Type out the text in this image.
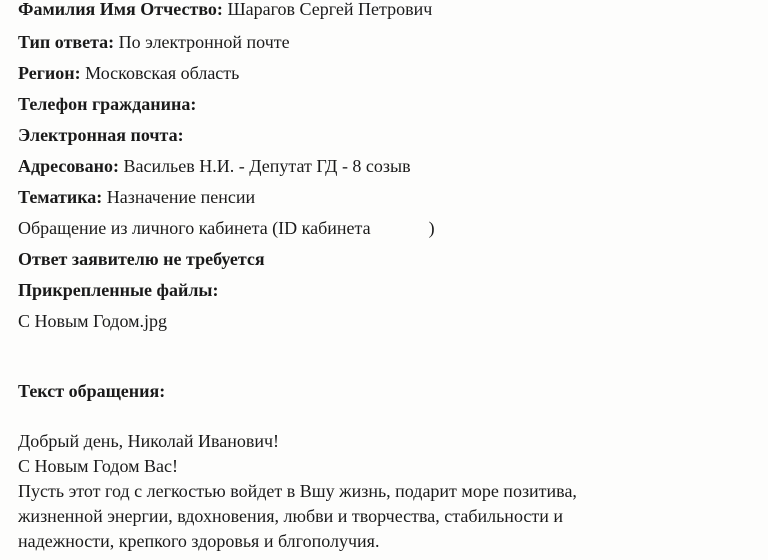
Фамилия Имя Отчество: Шарагов Сергей Петрович
Тип ответа: По электронной почте
Регион: Московская область
Телефон гражданина:
Электронная почта:
Адресовано: Васильев Н.И. - Депутат ГД - 8 созыв
Тематика: Назначение пенсии
Обращение из личного кабинета (ID кабинета	)
Ответ заявителю не требуется
Прикрепленные файлы:
С Новым Годом.jpg
Текст обращения:
Добрый день, Николай Иванович!
С Новым Годом Вас!
Пусть этот год с легкостью войдет в Вшу жизнь, подарит море позитива,
жизненной энергии, вдохновения, любви и творчества, стабильности и
надежности, крепкого здоровья и блгополучия.
